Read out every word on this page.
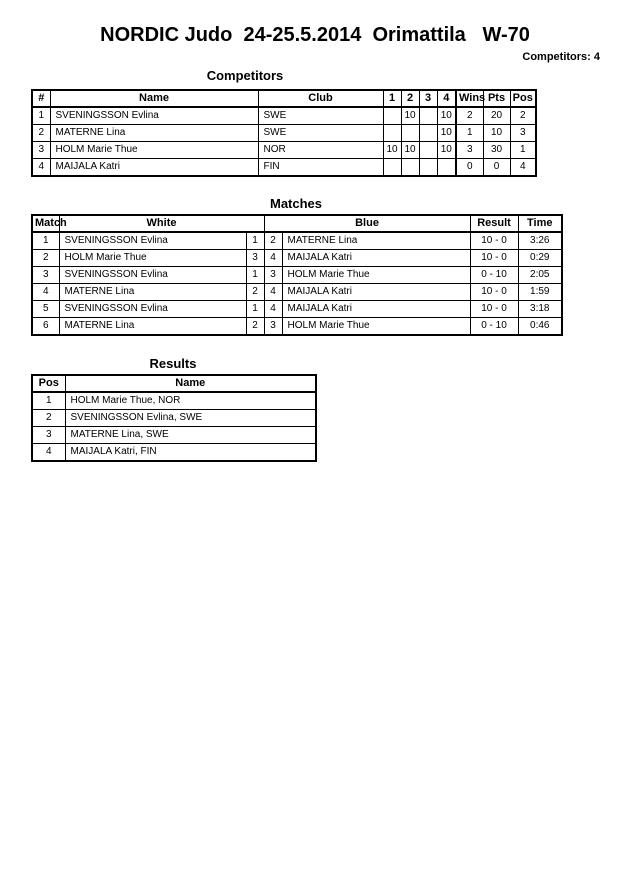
NORDIC Judo  24-25.5.2014  Orimattila   W-70
Competitors: 4
Competitors
#	Name	Club	1	2	3	4	Wins	Pts	Pos
1	SVENINGSSON Evlina	SWE		10		10	2	20	2
2	MATERNE Lina	SWE				10	1	10	3
3	HOLM Marie Thue	NOR	10	10		10	3	30	1
4	MAIJALA Katri	FIN					0	0	4
Matches
Match	White		Blue		Result	Time
1	SVENINGSSON Evlina	1	2	MATERNE Lina	10 - 0	3:26
2	HOLM Marie Thue	3	4	MAIJALA Katri	10 - 0	0:29
3	SVENINGSSON Evlina	1	3	HOLM Marie Thue	0 - 10	2:05
4	MATERNE Lina	2	4	MAIJALA Katri	10 - 0	1:59
5	SVENINGSSON Evlina	1	4	MAIJALA Katri	10 - 0	3:18
6	MATERNE Lina	2	3	HOLM Marie Thue	0 - 10	0:46
Results
Pos	Name
1	HOLM Marie Thue, NOR
2	SVENINGSSON Evlina, SWE
3	MATERNE Lina, SWE
4	MAIJALA Katri, FIN
